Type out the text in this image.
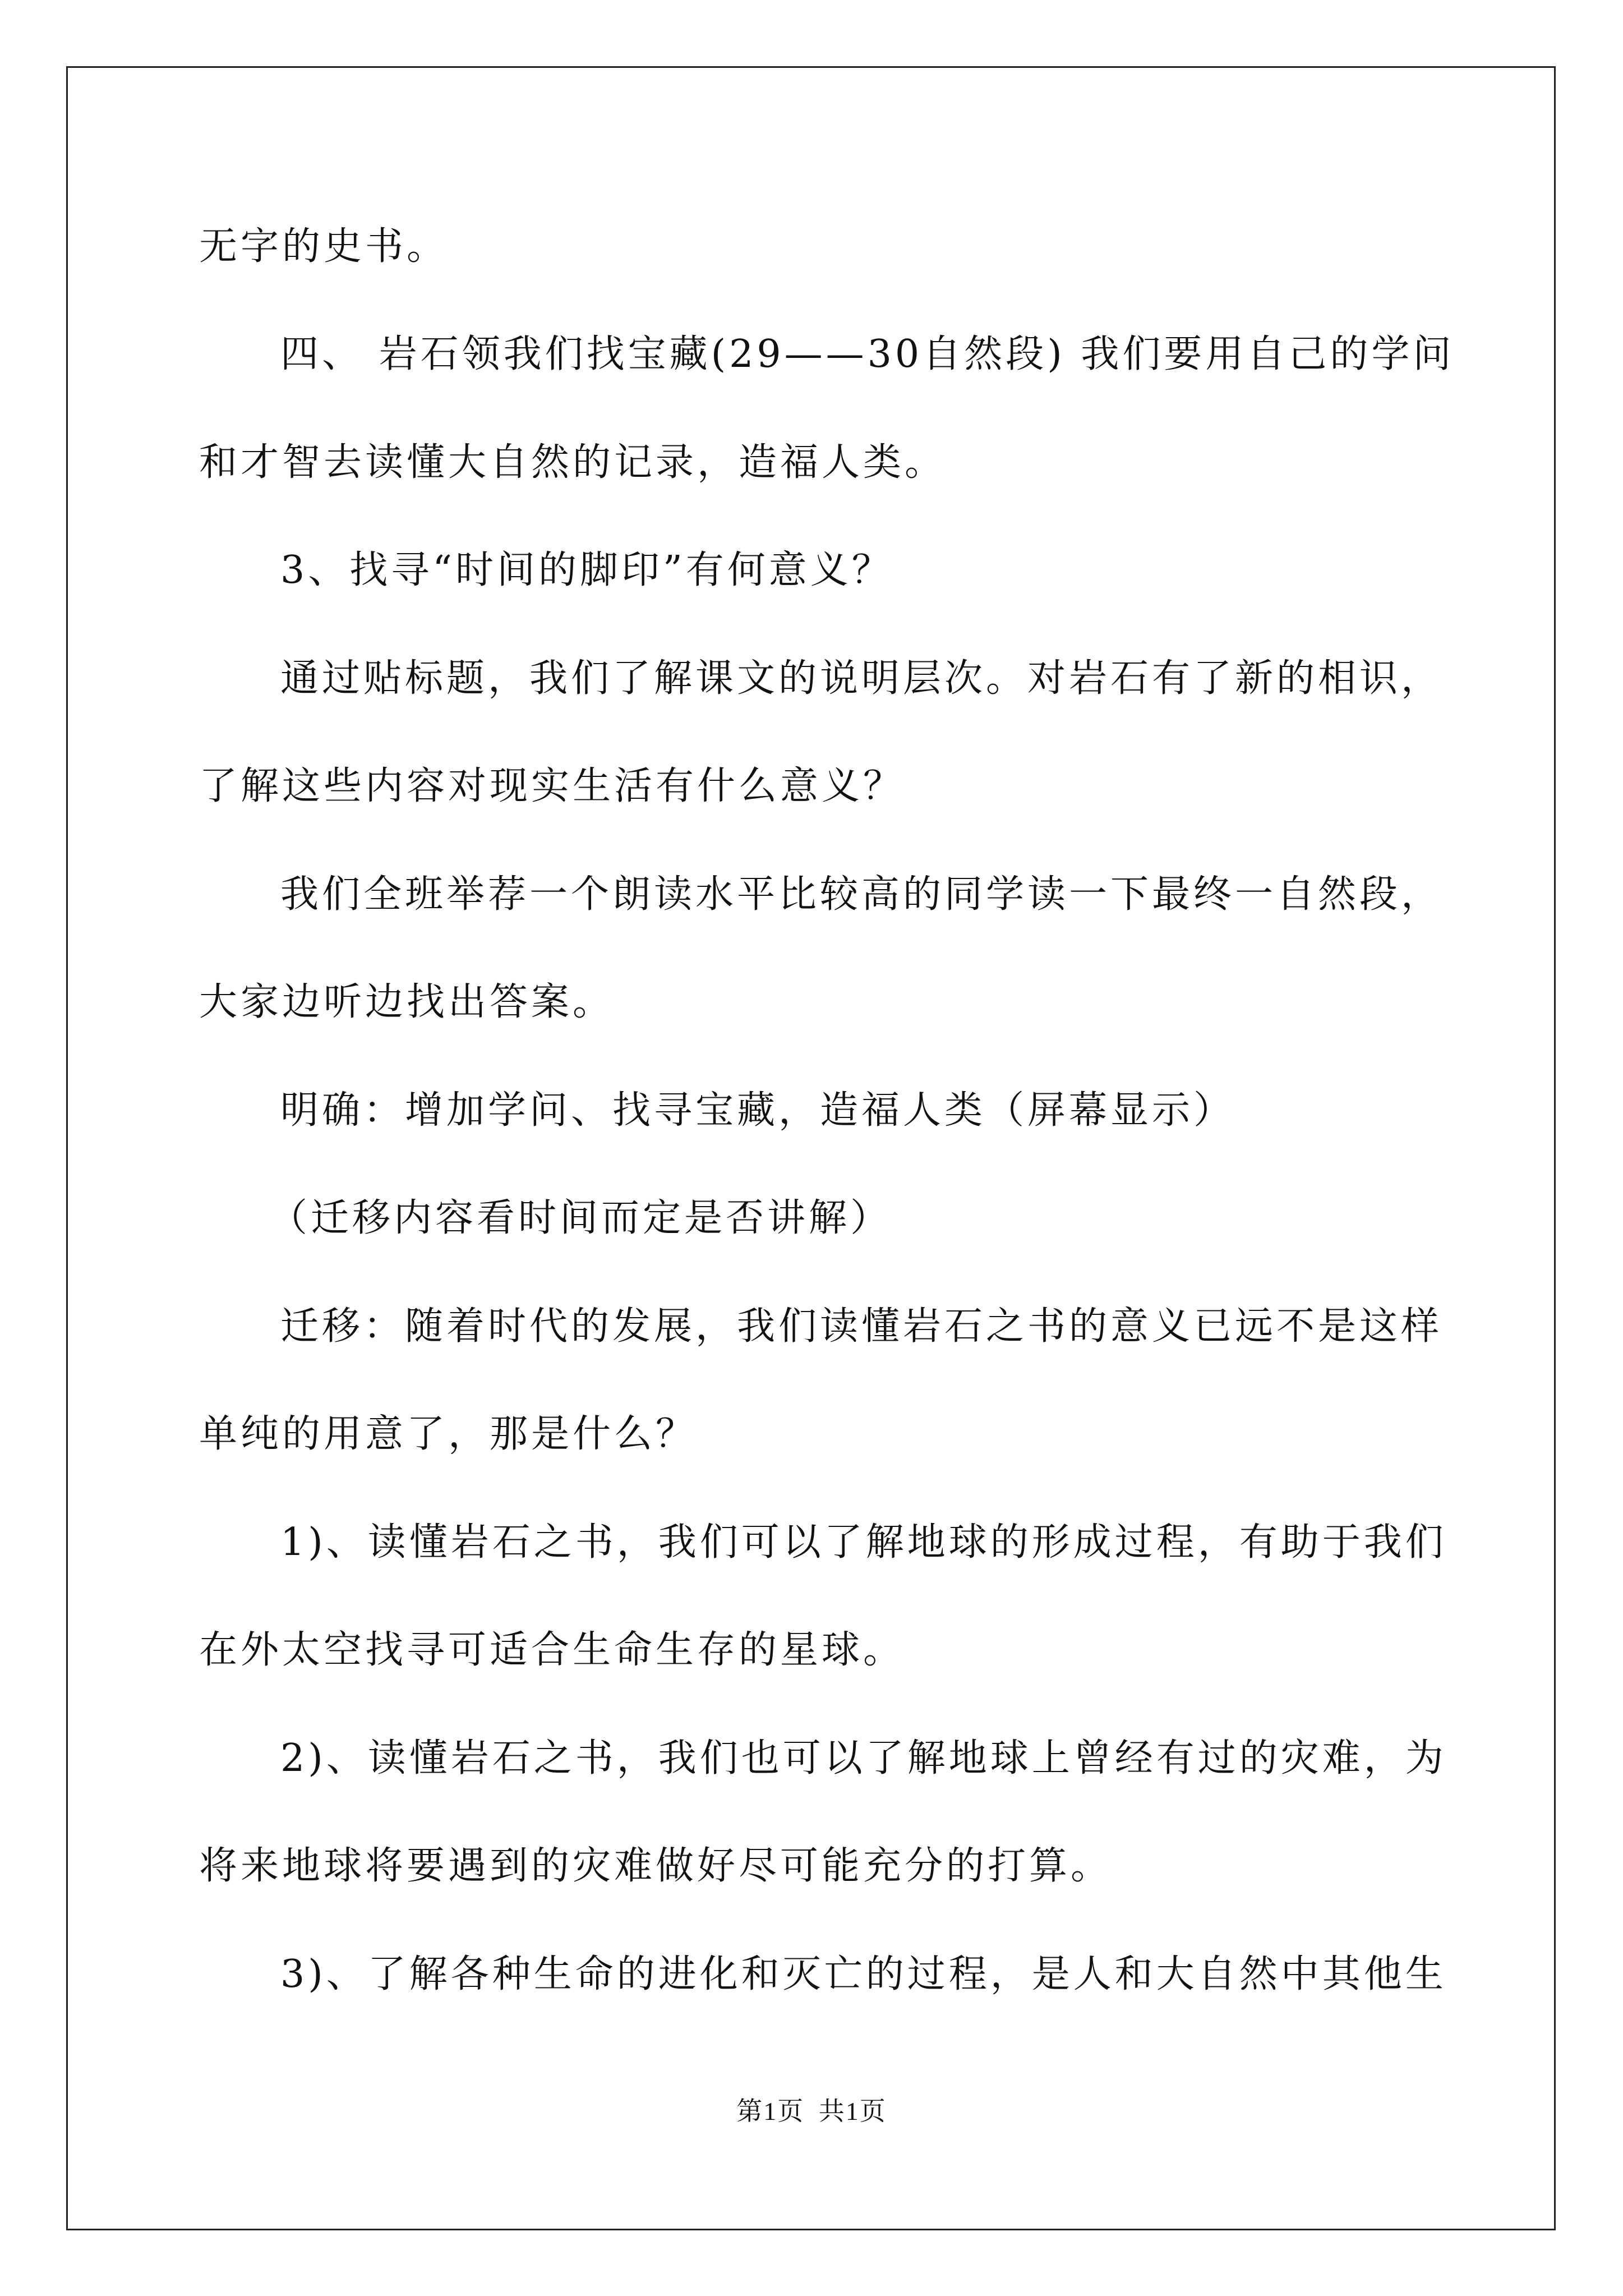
无字的史书。
四、 岩石领我们找宝藏(29——30自然段) 我们要用自己的学问
和才智去读懂大自然的记录，造福人类。
3、找寻“时间的脚印”有何意义？
通过贴标题，我们了解课文的说明层次。对岩石有了新的相识，
了解这些内容对现实生活有什么意义？
我们全班举荐一个朗读水平比较高的同学读一下最终一自然段，
大家边听边找出答案。
明确：增加学问、找寻宝藏，造福人类（屏幕显示）
（迁移内容看时间而定是否讲解）
迁移：随着时代的发展，我们读懂岩石之书的意义已远不是这样
单纯的用意了，那是什么？
1)、读懂岩石之书，我们可以了解地球的形成过程，有助于我们
在外太空找寻可适合生命生存的星球。
2)、读懂岩石之书，我们也可以了解地球上曾经有过的灾难，为
将来地球将要遇到的灾难做好尽可能充分的打算。
3)、了解各种生命的进化和灭亡的过程，是人和大自然中其他生
第1页 共1页
